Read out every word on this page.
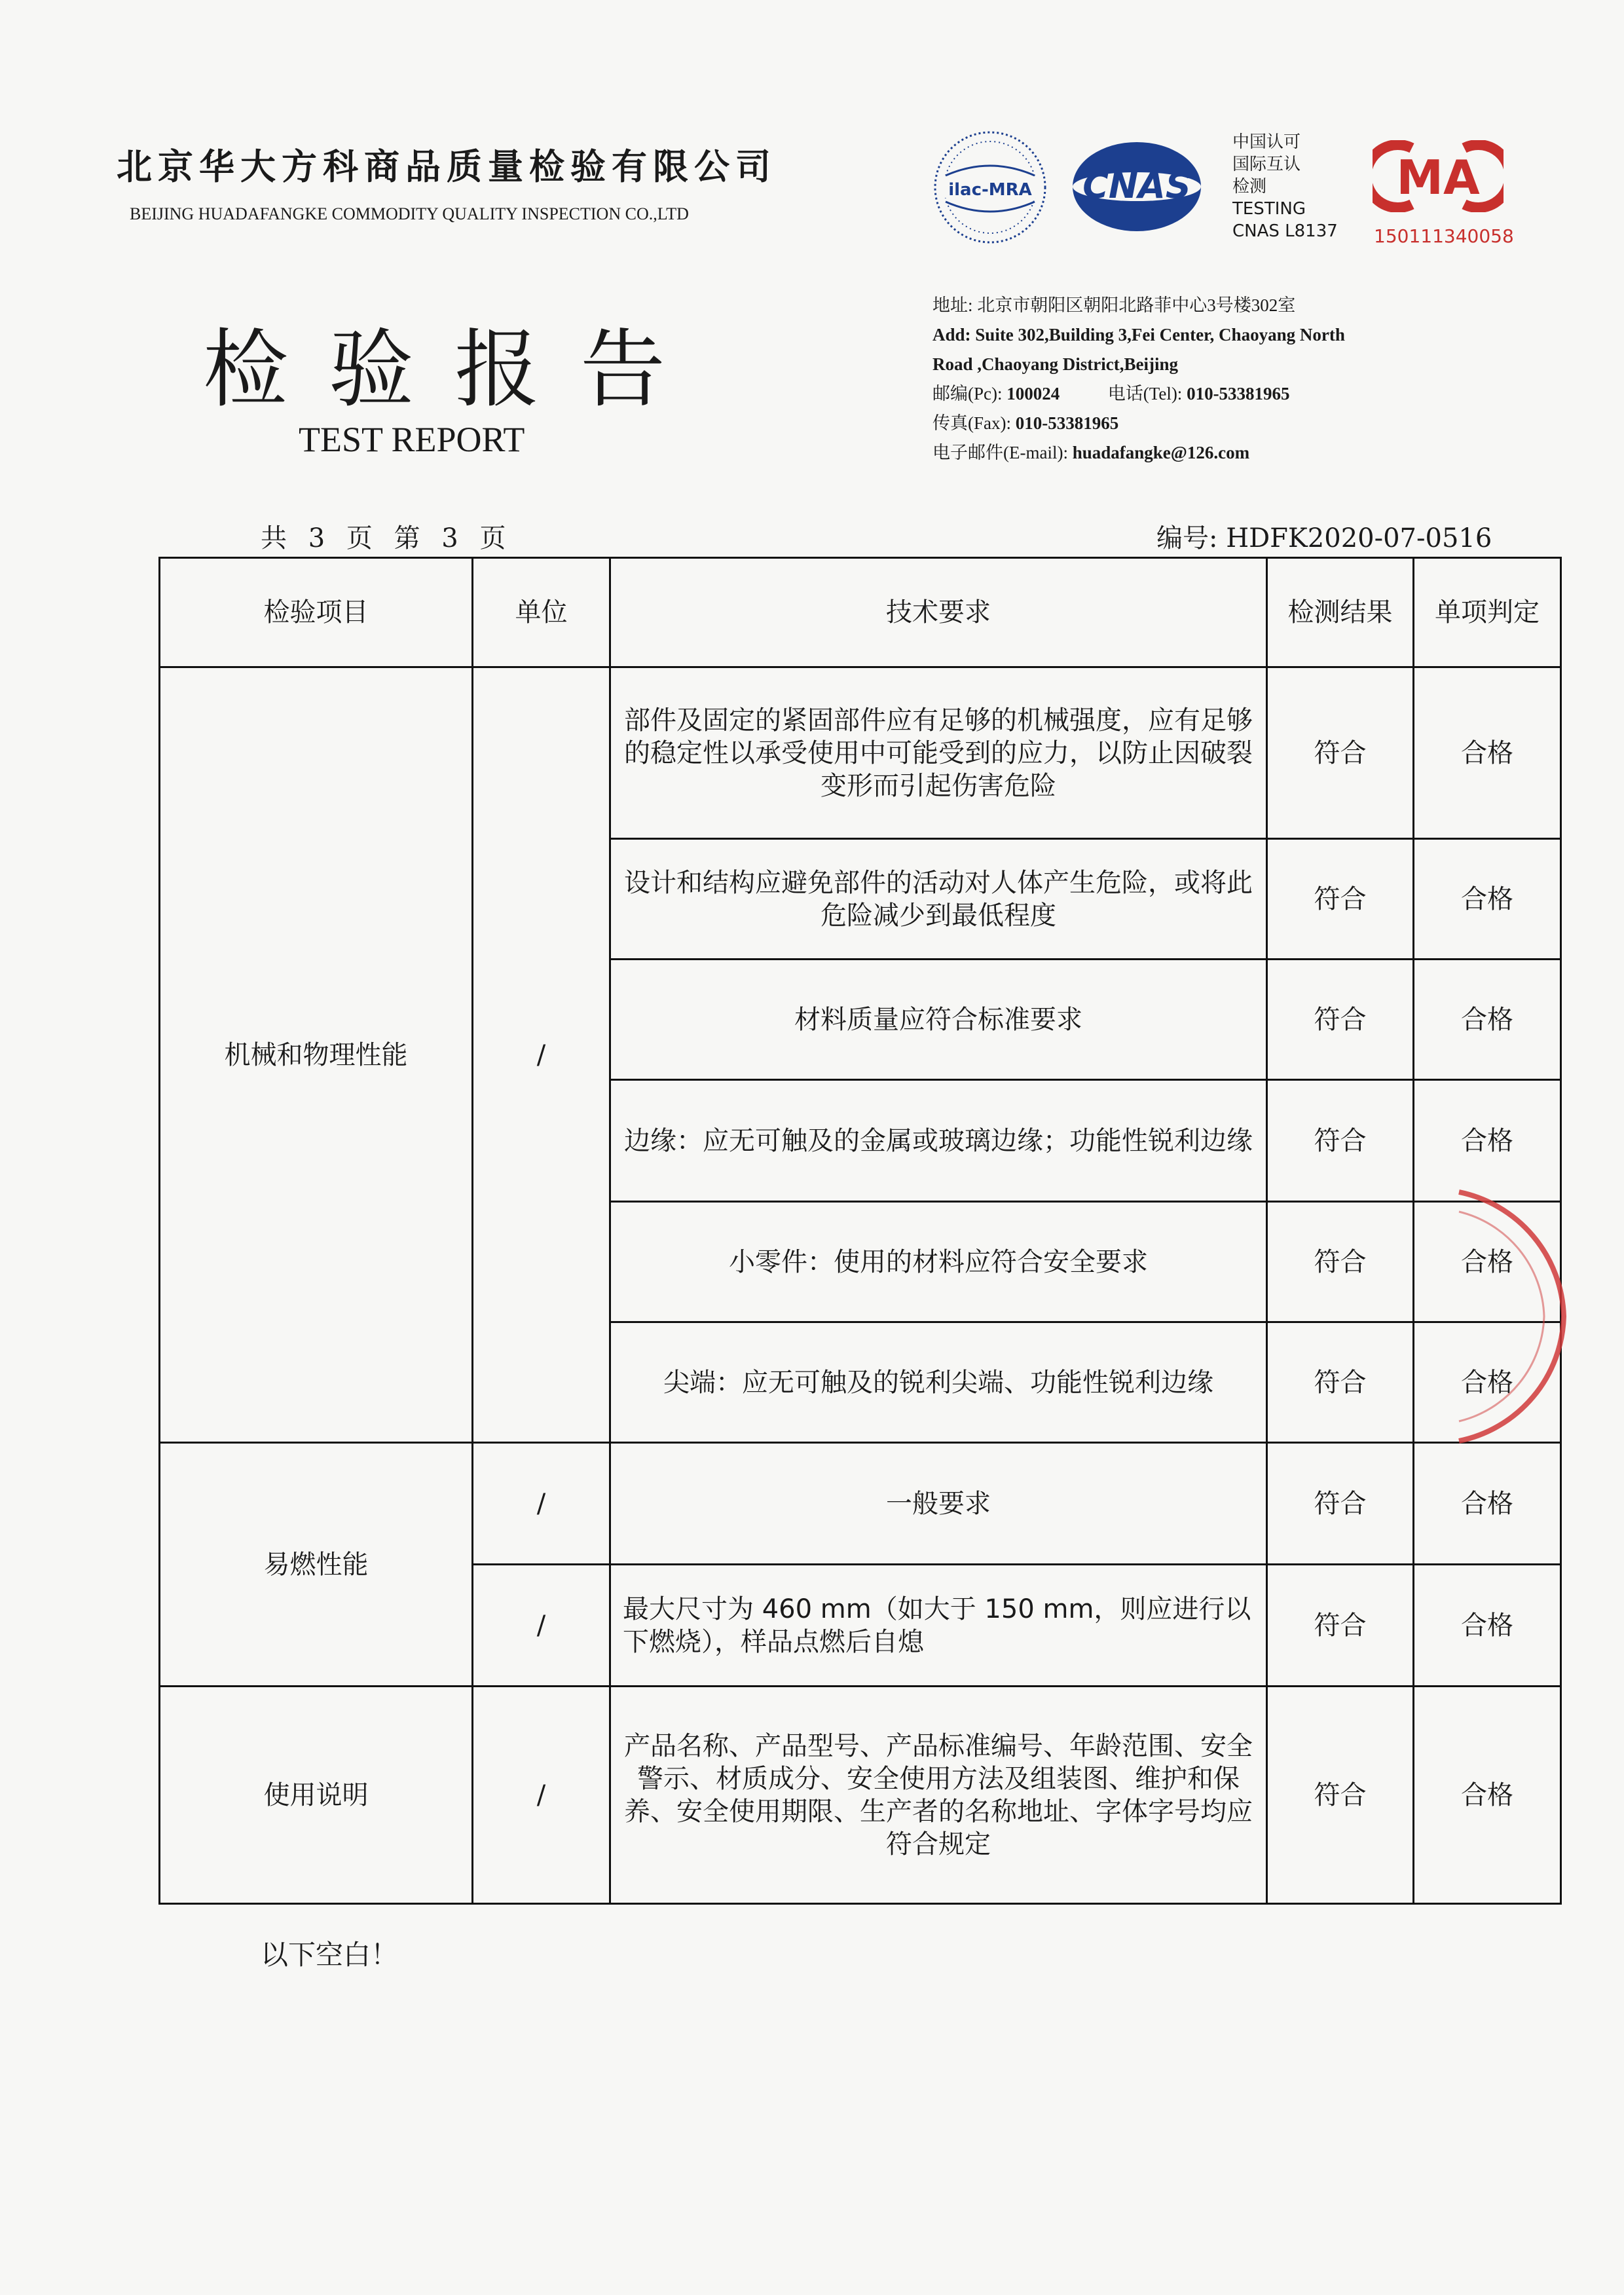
北京华大方科商品质量检验有限公司
BEIJING HUADAFANGKE COMMODITY QUALITY INSPECTION CO.,LTD
检验报告
TEST REPORT
ilac-MRA CNAS
中国认可
国际互认
检测
TESTING
CNAS L8137
MA
150111340058
地址: 北京市朝阳区朝阳北路菲中心3号楼302室
Add: Suite 302,Building 3,Fei Center, Chaoyang North
Road ,Chaoyang District,Beijing
邮编(Pc): 100024	电话(Tel): 010-53381965
传真(Fax): 010-53381965
电子邮件(E-mail): huadafangke@126.com
共 3 页 第 3 页	编号: HDFK2020-07-0516
检验项目	单位	技术要求	检测结果	单项判定
机械和物理性能	/	部件及固定的紧固部件应有足够的机械强度，应有足够的稳定性以承受使用中可能受到的应力，以防止因破裂变形而引起伤害危险	符合	合格
		设计和结构应避免部件的活动对人体产生危险，或将此危险减少到最低程度	符合	合格
		材料质量应符合标准要求	符合	合格
		边缘：应无可触及的金属或玻璃边缘；功能性锐利边缘	符合	合格
		小零件：使用的材料应符合安全要求	符合	合格
		尖端：应无可触及的锐利尖端、功能性锐利边缘	符合	合格
易燃性能	/	一般要求	符合	合格
	/	最大尺寸为 460 mm（如大于 150 mm，则应进行以下燃烧），样品点燃后自熄	符合	合格
使用说明	/	产品名称、产品型号、产品标准编号、年龄范围、安全警示、材质成分、安全使用方法及组装图、维护和保养、安全使用期限、生产者的名称地址、字体字号均应符合规定	符合	合格
以下空白！
